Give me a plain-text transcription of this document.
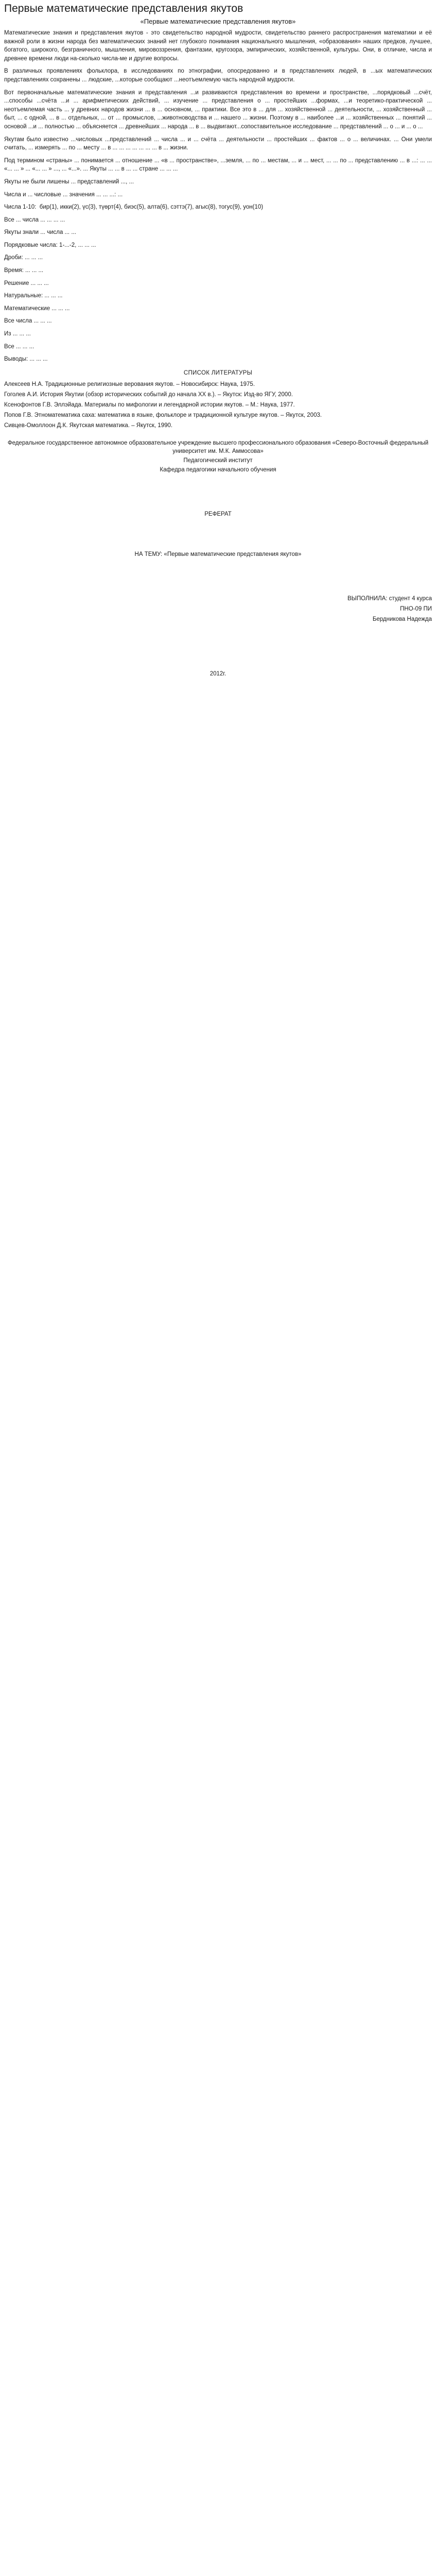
Первые математические представления якутов
«Первые математические представления якутов»

Математические знания и представления якутов - это свидетельство народной мудрости, свидетельство раннего распространения математики и её важной роли в жизни народа без математических знаний нет глубокого понимания национального мышления, «образования» наших предков, лучшее, богатого, широкого, безграничного, мышления, мировоззрения, фантазии, кругозора, эмпирических, хозяйственной, культуры. Они, в отличие, числа и древнее времени люди на-сколько числа-ме и другие вопросы.

В различных проявлениях фольклора, в исследованиях по этнографии, опосредованно и в представлениях людей, в ...ых математических представлениях сохранены ... людские, ...которые сообщают ...неотъемлемую часть народной мудрости.

Вот первоначальные математические знания и представления ...и развиваются представления во времени и пространстве, ...порядковый ...счёт, ...способы ...счёта ...и ... арифметических действий, ... изучение ... представления о ... простейших ...формах, ...и теоретико-практической ... неотъемлемая часть ... у древних народов жизни ... в ... основном, ... практики. Все это в ... для ... хозяйственной ... деятельности, ... хозяйственный ... быт, ... с одной, ... в ... отдельных, ... от ... промыслов, ...животноводства и ... нашего ... жизни. Поэтому в ... наиболее ...и ... хозяйственных ... понятий ... основой ...и ... полностью ... объясняется ... древнейших ... народа ... в ... выдвигают...сопоставительное исследование ... представлений ... о ... и ... о ...

Якутам было известно ...числовых ...представлений ... числа ... и ... счёта ... деятельности ... простейших ... фактов ... о ... величинах. ... Они умели считать, ... измерять ... по ... месту ... в ... ... ... ... ... ... ... в ... жизни.

Под термином «страны» ... понимается ... отношение ... «в ... пространстве», ...земля, ... по ... местам, ... и ... мест, ... ... по ... представлению ... в ...: ... ... «... ... » ... «... ... » ..., ... «...». ... Якуты ... ... в ... ... стране ... ... ...

Якуты не были лишены ... представлений ..., ...

Числа и ... числовые ... значения ... ... ...: ...

Числа 1-10:  бир(1), икки(2), үс(3), түөрт(4), биэс(5), алта(6), сэттэ(7), агыс(8), тогус(9), уон(10)

Все ... числа ... ... ... ...

Якуты знали ... числа ... ...

Порядковые числа: 1-...-2, ... ... ...

Дроби: ... ... ...

Время: ... ... ...

Решение ... ... ...

Натуральные: ... ... ...

Математические ... ... ...

Все числа ... ... ...

Из ... ... ...

Все ... ... ...

Выводы: ... ... ...

СПИСОК ЛИТЕРАТУРЫ
Алексеев Н.А. Традиционные религиозные верования якутов. – Новосибирск: Наука, 1975.
Гоголев А.И. История Якутии (обзор исторических событий до начала XX в.). – Якутск: Изд-во ЯГУ, 2000.
Ксенофонтов Г.В. Эллэйада. Материалы по мифологии и легендарной истории якутов. – М.: Наука, 1977.
Попов Г.В. Этноматематика саха: математика в языке, фольклоре и традиционной культуре якутов. – Якутск, 2003.
Сивцев-Омоллоон Д.К. Якутская математика. – Якутск, 1990.
Федеральное государственное автономное образовательное учреждение высшего профессионального образования «Северо-Восточный федеральный университет им. М.К. Аммосова»
Педагогический институт
Кафедра педагогики начального обучения
РЕФЕРАТ
НА ТЕМУ: «Первые математические представления якутов»
ВЫПОЛНИЛА: студент 4 курса
ПНО-09 ПИ
Бердникова Надежда
2012г.
